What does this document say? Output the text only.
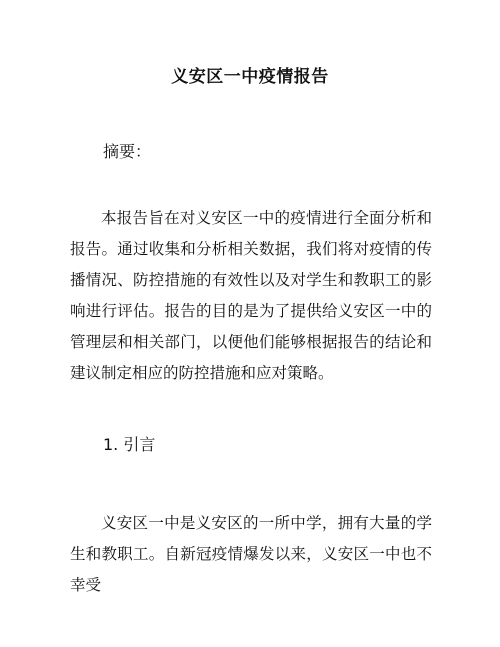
义安区一中疫情报告
摘要：

本报告旨在对义安区一中的疫情进行全面分析和报告。通过收集和分析相关数据，我们将对疫情的传播情况、防控措施的有效性以及对学生和教职工的影响进行评估。报告的目的是为了提供给义安区一中的管理层和相关部门，以便他们能够根据报告的结论和建议制定相应的防控措施和应对策略。

1. 引言

义安区一中是义安区的一所中学，拥有大量的学生和教职工。自新冠疫情爆发以来，义安区一中也不幸受
